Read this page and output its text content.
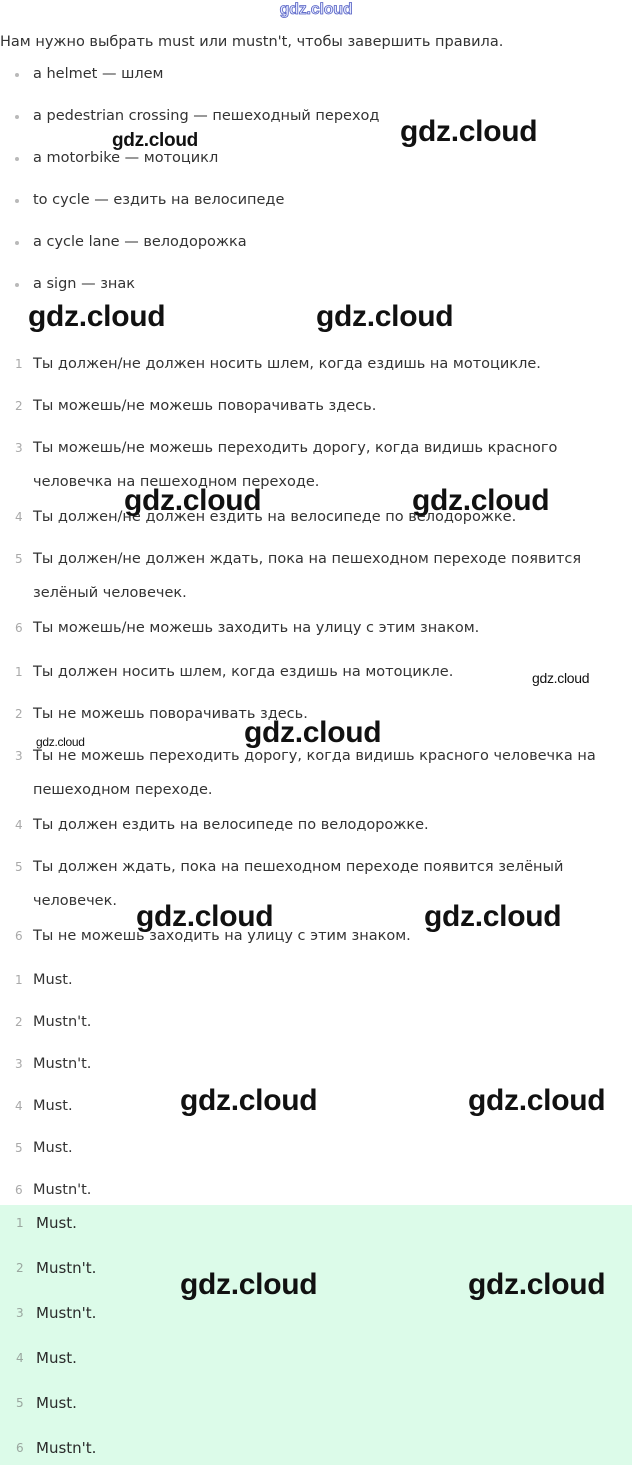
gdz.cloud
Нам нужно выбрать must или mustn't, чтобы завершить правила.
a helmet — шлем
a pedestrian crossing — пешеходный переход
a motorbike — мотоцикл
to cycle — ездить на велосипеде
a cycle lane — велодорожка
a sign — знак
1 Ты должен/не должен носить шлем, когда ездишь на мотоцикле.
2 Ты можешь/не можешь поворачивать здесь.
3 Ты можешь/не можешь переходить дорогу, когда видишь красного человечка на пешеходном переходе.
4 Ты должен/не должен ездить на велосипеде по велодорожке.
5 Ты должен/не должен ждать, пока на пешеходном переходе появится зелёный человечек.
6 Ты можешь/не можешь заходить на улицу с этим знаком.
1 Ты должен носить шлем, когда ездишь на мотоцикле.
2 Ты не можешь поворачивать здесь.
3 Ты не можешь переходить дорогу, когда видишь красного человечка на пешеходном переходе.
4 Ты должен ездить на велосипеде по велодорожке.
5 Ты должен ждать, пока на пешеходном переходе появится зелёный человечек.
6 Ты не можешь заходить на улицу с этим знаком.
1 Must.
2 Mustn't.
3 Mustn't.
4 Must.
5 Must.
6 Mustn't.
1 Must.
2 Mustn't.
3 Mustn't.
4 Must.
5 Must.
6 Mustn't.
gdz.cloud	gdz.cloud
gdz.cloud	gdz.cloud
gdz.cloud	gdz.cloud
gdz.cloud
gdz.cloud	gdz.cloud
gdz.cloud	gdz.cloud
gdz.cloud	gdz.cloud
gdz.cloud	gdz.cloud
